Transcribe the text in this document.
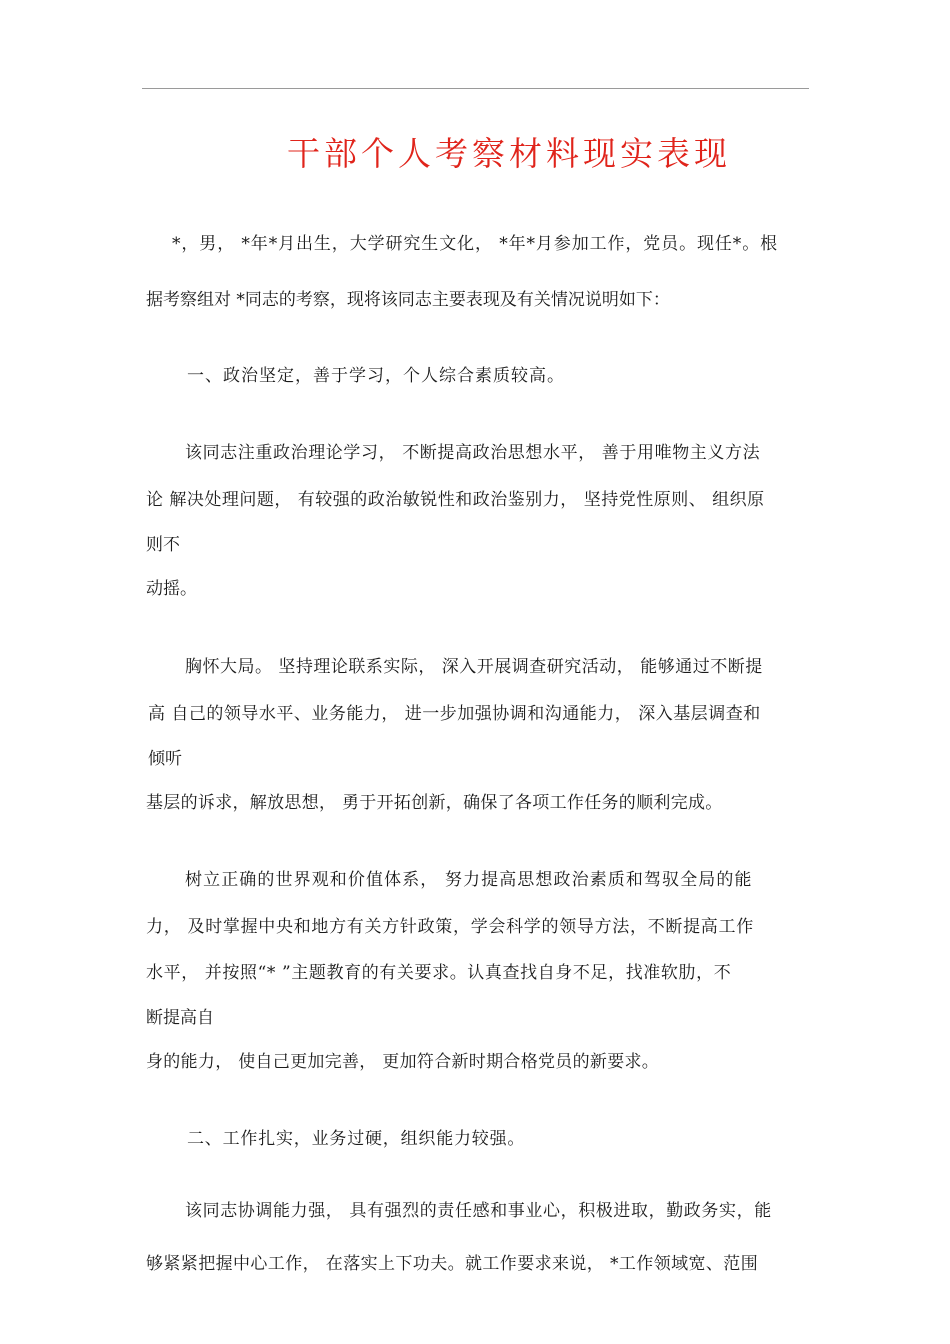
干部个人考察材料现实表现
*，男， *年*月出生，大学研究生文化， *年*月参加工作，党员。现任*。根
据考察组对 *同志的考察，现将该同志主要表现及有关情况说明如下：
一、政治坚定，善于学习，个人综合素质较高。
该同志注重政治理论学习， 不断提高政治思想水平， 善于用唯物主义方法
论 解决处理问题， 有较强的政治敏锐性和政治鉴别力， 坚持党性原则、 组织原
则不
动摇。
胸怀大局。 坚持理论联系实际， 深入开展调查研究活动， 能够通过不断提
高 自己的领导水平、业务能力， 进一步加强协调和沟通能力， 深入基层调查和
倾听
基层的诉求，解放思想， 勇于开拓创新，确保了各项工作任务的顺利完成。
树立正确的世界观和价值体系， 努力提高思想政治素质和驾驭全局的能
力， 及时掌握中央和地方有关方针政策，学会科学的领导方法，不断提高工作
水平， 并按照“* ”主题教育的有关要求。认真查找自身不足，找准软肋，不
断提高自
身的能力， 使自己更加完善， 更加符合新时期合格党员的新要求。
二、工作扎实，业务过硬，组织能力较强。
该同志协调能力强， 具有强烈的责任感和事业心，积极进取，勤政务实，能
够紧紧把握中心工作， 在落实上下功夫。就工作要求来说， *工作领域宽、范围
